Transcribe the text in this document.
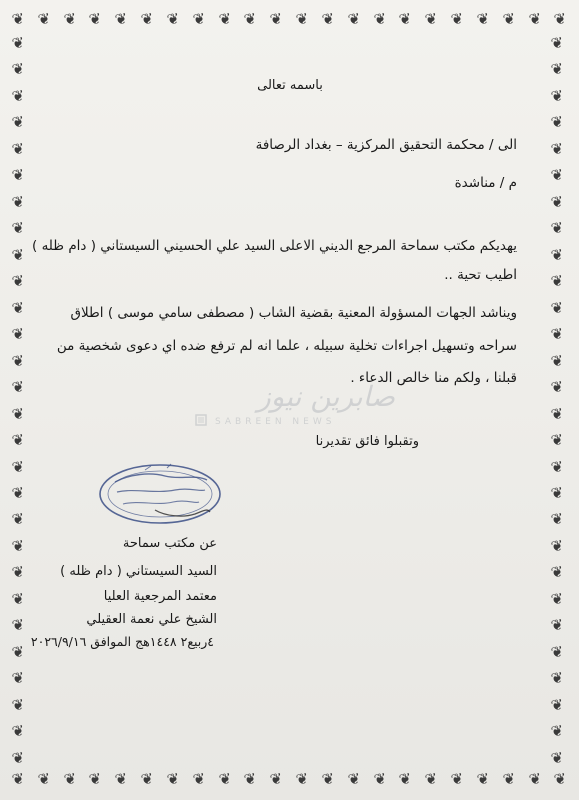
❦ ❦ ❦ ❦ ❦ ❦ ❦ ❦ ❦ ❦ ❦ ❦ ❦ ❦ ❦ ❦ ❦ ❦ ❦ ❦ ❦ ❦
❦ ❦ ❦ ❦ ❦ ❦ ❦ ❦ ❦ ❦ ❦ ❦ ❦ ❦ ❦ ❦ ❦ ❦ ❦ ❦ ❦ ❦
❦
❦
❦
❦
❦
❦
❦
❦
❦
❦
❦
❦
❦
❦
❦
❦
❦
❦
❦
❦
❦
❦
❦
❦
❦
❦
❦
❦
❦
❦
❦
❦
❦
❦
❦
❦
❦
❦
❦
❦
❦
❦
❦
❦
❦
❦
❦
❦
❦
❦
❦
❦
❦
❦
❦
❦
باسمه تعالى
الى / محكمة التحقيق المركزية – بغداد الرصافة
م / مناشدة
يهديكم مكتب سماحة المرجع الديني الاعلى السيد علي الحسيني السيستاني ( دام ظله )
اطيب تحية ..
ويناشد الجهات المسؤولة المعنية بقضية الشاب ( مصطفى سامي موسى ) اطلاق
سراحه وتسهيل اجراءات تخلية سبيله ، علما انه لم ترفع ضده اي دعوى شخصية من
قبلنا ، ولكم منا خالص الدعاء .
صابرين نيوز
SABREEN NEWS
وتقبلوا فائق تقديرنا
عن مكتب سماحة
السيد السيستاني ( دام ظله )
معتمد المرجعية العليا
الشيخ علي نعمة العقيلي
٤ربيع٢ ١٤٤٨هج الموافق ٢٠٢٦/٩/١٦
